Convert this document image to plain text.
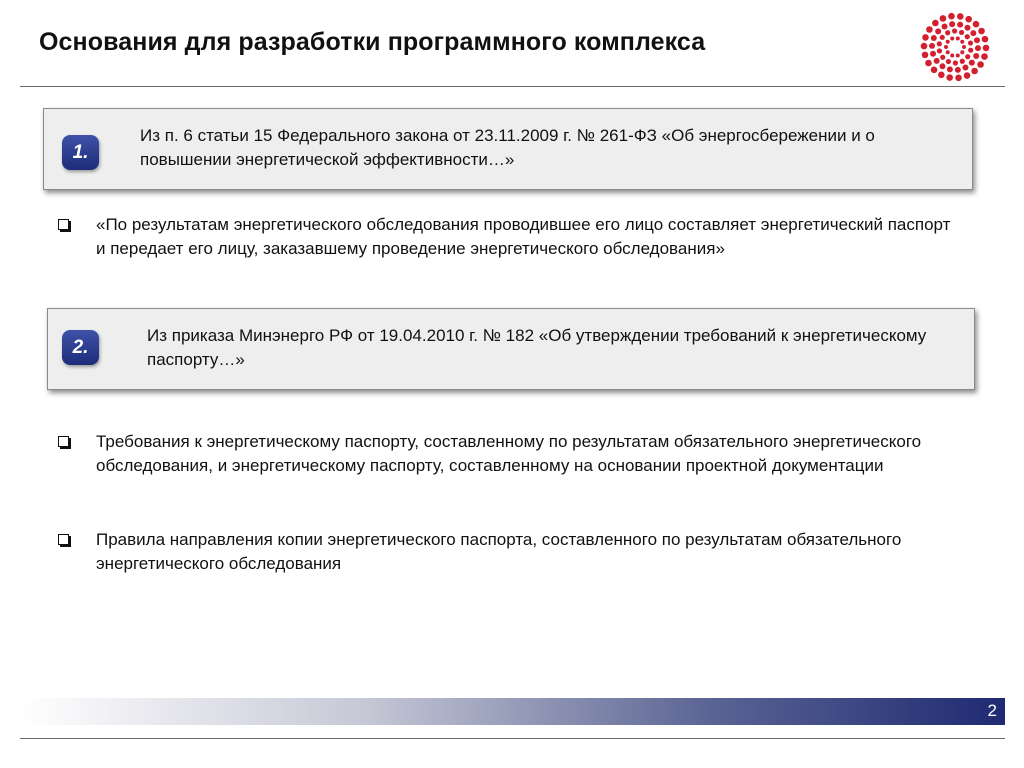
Основания для разработки программного комплекса
1.
Из п. 6 статьи 15 Федерального закона от 23.11.2009 г. № 261-ФЗ «Об энергосбережении и о повышении энергетической эффективности…»
«По результатам энергетического обследования проводившее его лицо составляет энергетический паспорт и передает его лицу, заказавшему проведение энергетического обследования»
2.
Из приказа Минэнерго РФ от 19.04.2010 г. № 182 «Об утверждении требований к энергетическому паспорту…»
Требования к энергетическому паспорту, составленному по результатам обязательного энергетического обследования, и энергетическому паспорту, составленному на основании проектной документации
Правила направления копии энергетического паспорта, составленного по результатам обязательного энергетического обследования
2
